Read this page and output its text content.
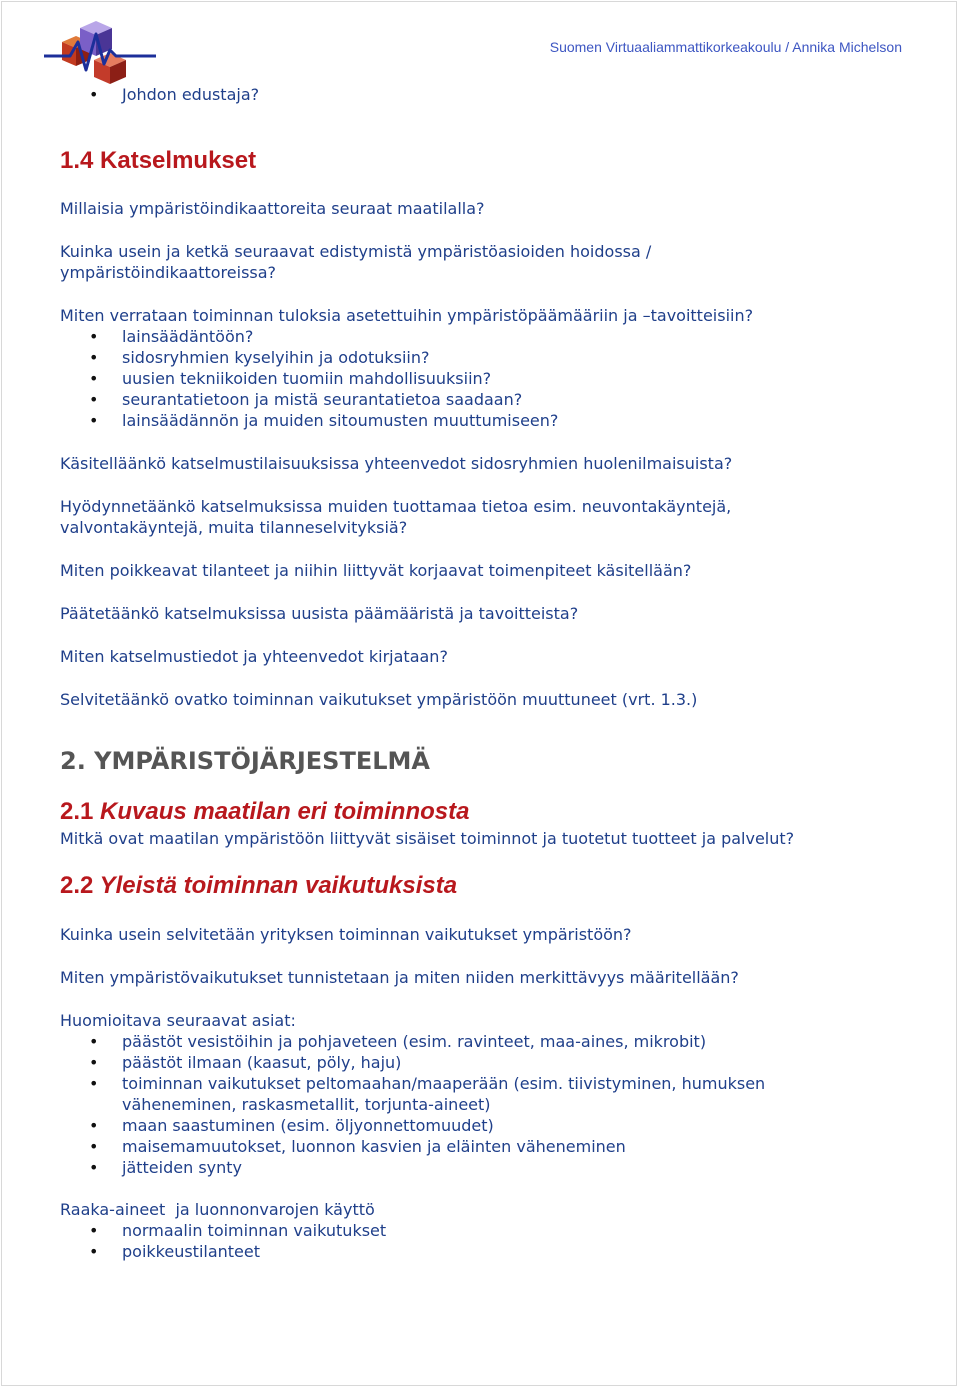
Suomen Virtuaaliammattikorkeakoulu / Annika Michelson
• Johdon edustaja?
1.4 Katselmukset

Millaisia ympäristöindikaattoreita seuraat maatilalla?

Kuinka usein ja ketkä seuraavat edistymistä ympäristöasioiden hoidossa /

ympäristöindikaattoreissa?

Miten verrataan toiminnan tuloksia asetettuihin ympäristöpäämääriin ja –tavoitteisiin?

• lainsäädäntöön?
• sidosryhmien kyselyihin ja odotuksiin?
• uusien tekniikoiden tuomiin mahdollisuuksiin?
• seurantatietoon ja mistä seurantatietoa saadaan?
• lainsäädännön ja muiden sitoumusten muuttumiseen?

Käsitelläänkö katselmustilaisuuksissa yhteenvedot sidosryhmien huolenilmaisuista?

Hyödynnetäänkö katselmuksissa muiden tuottamaa tietoa esim. neuvontakäyntejä,

valvontakäyntejä, muita tilanneselvityksiä?

Miten poikkeavat tilanteet ja niihin liittyvät korjaavat toimenpiteet käsitellään?

Päätetäänkö katselmuksissa uusista päämääristä ja tavoitteista?

Miten katselmustiedot ja yhteenvedot kirjataan?

Selvitetäänkö ovatko toiminnan vaikutukset ympäristöön muuttuneet (vrt. 1.3.)

2. YMPÄRISTÖJÄRJESTELMÄ
2.1 Kuvaus maatilan eri toiminnosta

Mitkä ovat maatilan ympäristöön liittyvät sisäiset toiminnot ja tuotetut tuotteet ja palvelut?

2.2 Yleistä toiminnan vaikutuksista

Kuinka usein selvitetään yrityksen toiminnan vaikutukset ympäristöön?

Miten ympäristövaikutukset tunnistetaan ja miten niiden merkittävyys määritellään?

Huomioitava seuraavat asiat:

• päästöt vesistöihin ja pohjaveteen (esim. ravinteet, maa-aines, mikrobit)
• päästöt ilmaan (kaasut, pöly, haju)
• toiminnan vaikutukset peltomaahan/maaperään (esim. tiivistyminen, humuksen
väheneminen, raskasmetallit, torjunta-aineet)
• maan saastuminen (esim. öljyonnettomuudet)
• maisemamuutokset, luonnon kasvien ja eläinten väheneminen
• jätteiden synty

Raaka-aineet  ja luonnonvarojen käyttö

• normaalin toiminnan vaikutukset
• poikkeustilanteet
